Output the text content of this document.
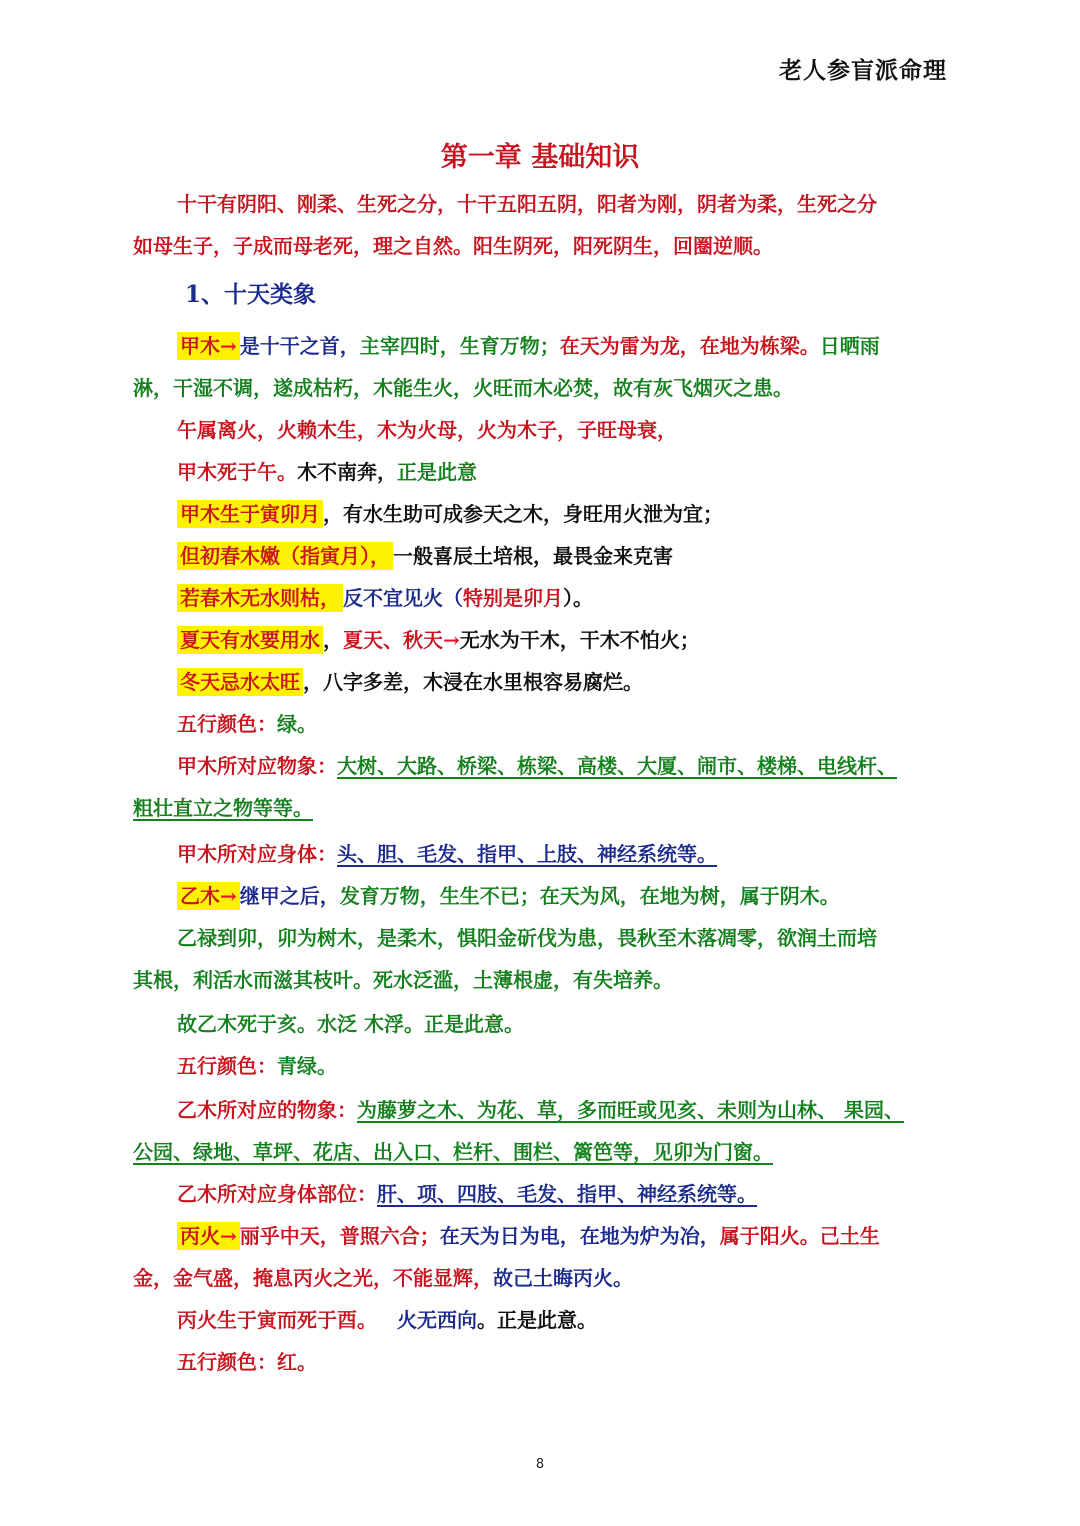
老人参盲派命理
第一章 基础知识

十干有阴阳、刚柔、生死之分，十干五阳五阴，阳者为刚，阴者为柔，生死之分

如母生子，子成而母老死，理之自然。阳生阴死，阳死阴生，回圈逆顺。

1、十天类象
甲木→ 是十干之首，主宰四时，生育万物；在天为雷为龙，在地为栋梁。日晒雨
淋，干湿不调，遂成枯朽，木能生火，火旺而木必焚，故有灰飞烟灭之患。
午属离火，火赖木生，木为火母，火为木子，子旺母衰，
甲木死于午。木不南奔，正是此意
甲木生于寅卯月 ，有水生助可成参天之木，身旺用火泄为宜；
但初春木嫩（指寅月）， 一般喜辰土培根，最畏金来克害
若春木无水则枯， 反不宜见火（特别是卯月）。
夏天有水要用水 ，夏天、秋天→无水为干木，干木不怕火；
冬天忌水太旺 ，八字多差，木浸在水里根容易腐烂。
五行颜色：绿。
甲木所对应物象：大树、大路、桥梁、栋梁、高楼、大厦、闹市、楼梯、电线杆、
粗壮直立之物等等。
甲木所对应身体：头、胆、毛发、指甲、上肢、神经系统等。
乙木→ 继甲之后，发育万物，生生不已；在天为风，在地为树，属于阴木。
乙禄到卯，卯为树木，是柔木，惧阳金斫伐为患，畏秋至木落凋零，欲润土而培
其根，利活水而滋其枝叶。死水泛滥，土薄根虚，有失培养。
故乙木死于亥。水泛 木浮。正是此意。
五行颜色：青绿。
乙木所对应的物象：为藤萝之木、为花、草，多而旺或见亥、未则为山林、 果园、
公园、绿地、草坪、花店、出入口、栏杆、围栏、篱笆等，见卯为门窗。
乙木所对应身体部位：肝、项、四肢、毛发、指甲、神经系统等。
丙火→ 丽乎中天，普照六合；在天为日为电，在地为炉为冶，属于阳火。己土生
金，金气盛，掩息丙火之光，不能显辉，故己土晦丙火。
丙火生于寅而死于酉。 火无西向。正是此意。
五行颜色：红。
8
